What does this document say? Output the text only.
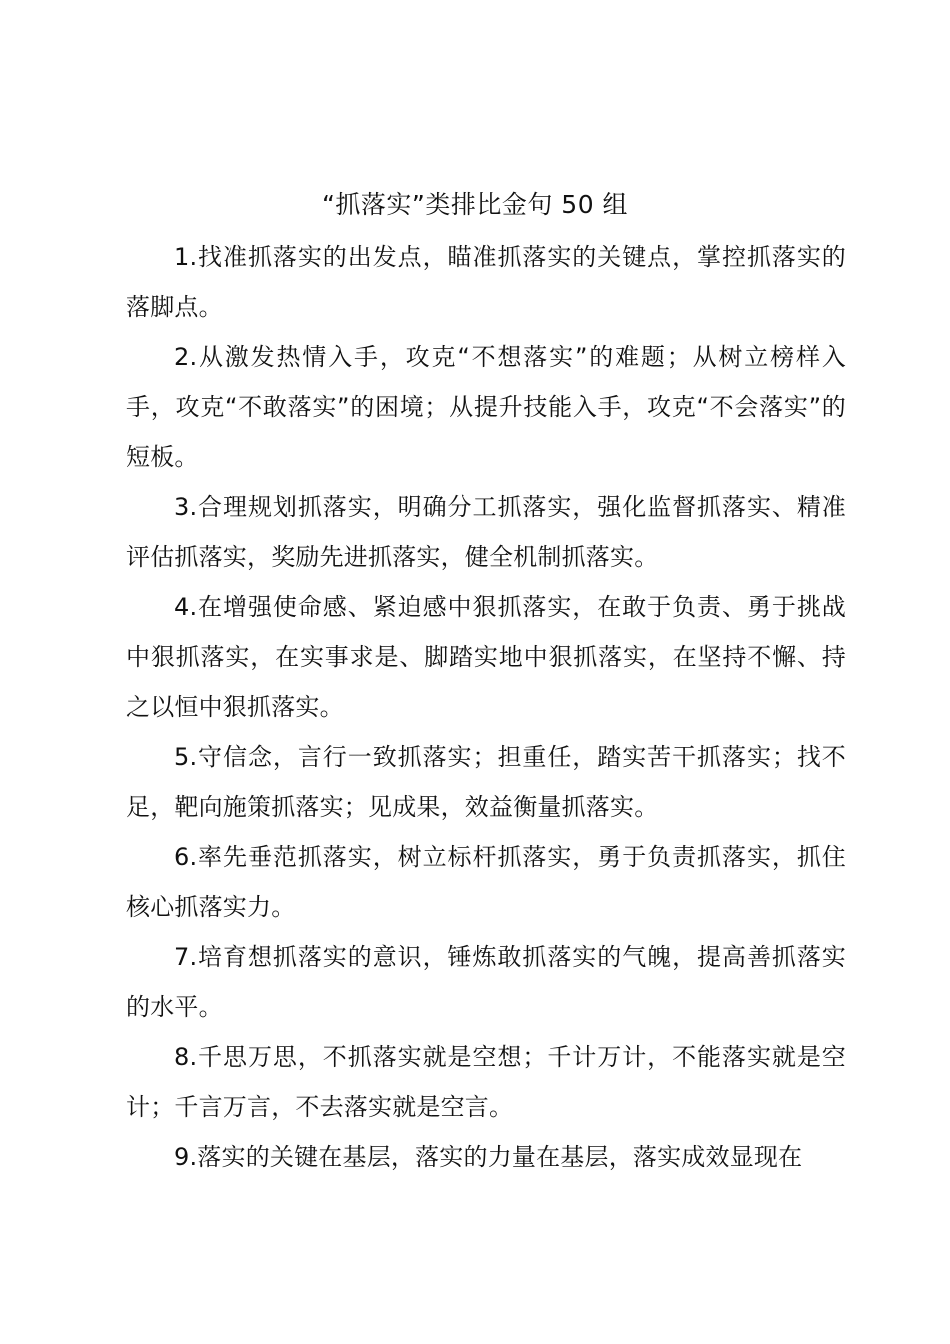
“抓落实”类排比金句 50 组

1.找准抓落实的出发点，瞄准抓落实的关键点，掌控抓落实的落脚点。

2.从激发热情入手，攻克“不想落实”的难题；从树立榜样入手，攻克“不敢落实”的困境；从提升技能入手，攻克“不会落实”的短板。

3.合理规划抓落实，明确分工抓落实，强化监督抓落实、精准评估抓落实，奖励先进抓落实，健全机制抓落实。

4.在增强使命感、紧迫感中狠抓落实，在敢于负责、勇于挑战中狠抓落实，在实事求是、脚踏实地中狠抓落实，在坚持不懈、持之以恒中狠抓落实。

5.守信念，言行一致抓落实；担重任，踏实苦干抓落实；找不足，靶向施策抓落实；见成果，效益衡量抓落实。

6.率先垂范抓落实，树立标杆抓落实，勇于负责抓落实，抓住核心抓落实力。

7.培育想抓落实的意识，锤炼敢抓落实的气魄，提高善抓落实的水平。

8.千思万思，不抓落实就是空想；千计万计，不能落实就是空计；千言万言，不去落实就是空言。

9.落实的关键在基层，落实的力量在基层，落实成效显现在
